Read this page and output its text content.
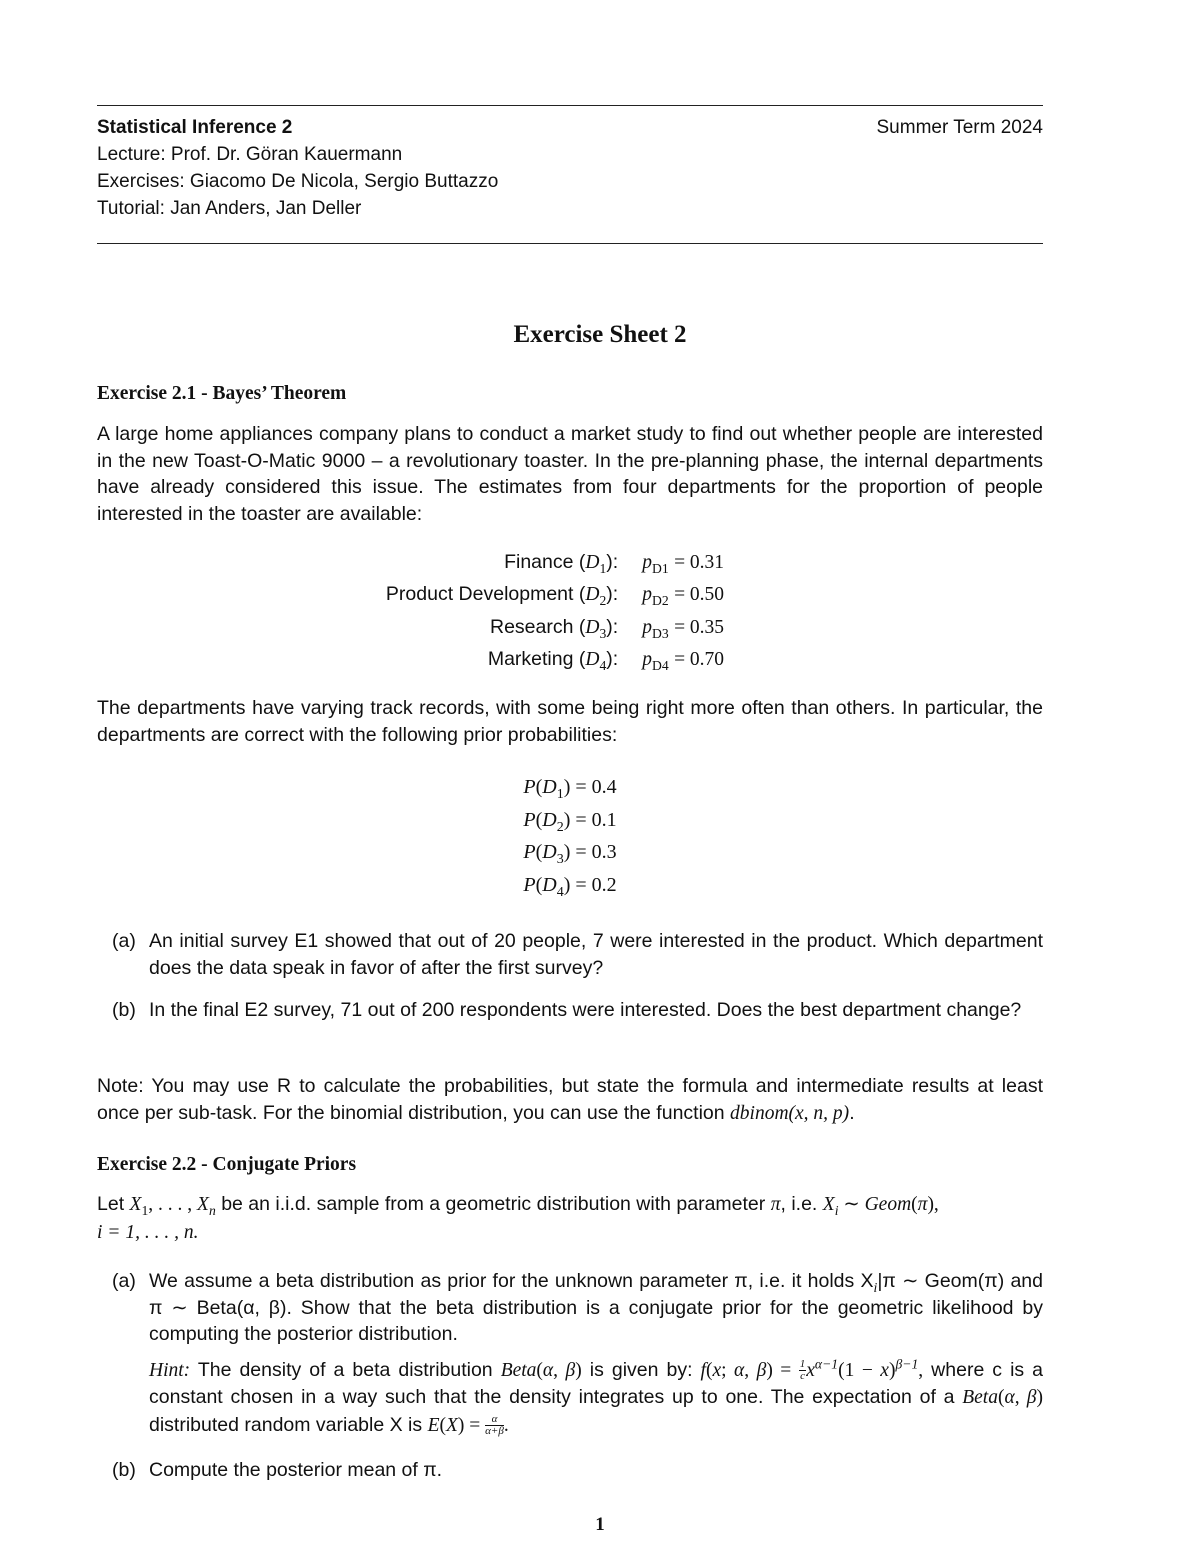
Statistical Inference 2	Summer Term 2024
Lecture: Prof. Dr. Göran Kauermann
Exercises: Giacomo De Nicola, Sergio Buttazzo
Tutorial: Jan Anders, Jan Deller
Exercise Sheet 2
Exercise 2.1 - Bayes’ Theorem
A large home appliances company plans to conduct a market study to find out whether people are interested in the new Toast-O-Matic 9000 – a revolutionary toaster. In the pre-planning phase, the internal departments have already considered this issue. The estimates from four departments for the proportion of people interested in the toaster are available:
Finance $(D_1)$:	$p_{D1} = 0.31$
Product Development $(D_2)$:	$p_{D2} = 0.50$
Research $(D_3)$:	$p_{D3} = 0.35$
Marketing $(D_4)$:	$p_{D4} = 0.70$
The departments have varying track records, with some being right more often than others. In particular, the departments are correct with the following prior probabilities:
$P(D_1) = 0.4$
$P(D_2) = 0.1$
$P(D_3) = 0.3$
$P(D_4) = 0.2$
(a) An initial survey E1 showed that out of 20 people, 7 were interested in the product. Which department does the data speak in favor of after the first survey?
(b) In the final E2 survey, 71 out of 200 respondents were interested. Does the best department change?
Note: You may use R to calculate the probabilities, but state the formula and intermediate results at least once per sub-task. For the binomial distribution, you can use the function dbinom(x, n, p).
Exercise 2.2 - Conjugate Priors
Let $X_1$, . . . , $X_n$ be an i.i.d. sample from a geometric distribution with parameter π, i.e. $X_i$ ∼ Geom(π),
i = 1, . . . , n.
(a) We assume a beta distribution as prior for the unknown parameter π, i.e. it holds $X_i|\pi$ ∼ Geom(π) and π ∼ Beta(α, β). Show that the beta distribution is a conjugate prior for the geometric likelihood by computing the posterior distribution.
Hint: The density of a beta distribution Beta(α, β) is given by: f(x; α, $\beta) = \frac{1}{c} x^{\alpha-1}(1 - x)^{\beta-1}$, where c is a constant chosen in a way such that the density integrates up to one. The expectation of a Beta(α, β) distributed random variable X is $E(X) = \frac{\alpha}{\alpha+\beta}$ .
(b) Compute the posterior mean of π.
1
